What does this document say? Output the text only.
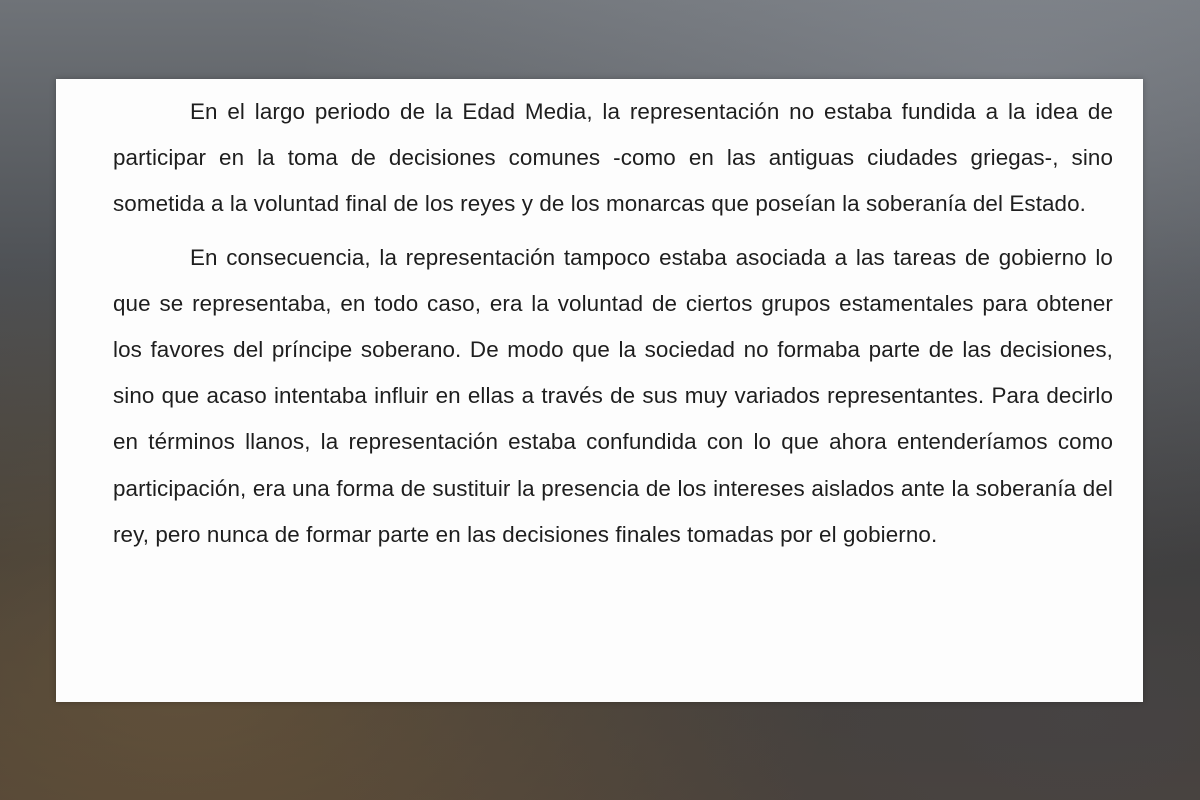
En el largo periodo de la Edad Media, la representación no estaba fundida a la idea de participar en la toma de decisiones comunes -como en las antiguas ciudades griegas-, sino sometida a la voluntad final de los reyes y de los monarcas que poseían la soberanía del Estado.

En consecuencia, la representación tampoco estaba asociada a las tareas de gobierno lo que se representaba, en todo caso, era la voluntad de ciertos grupos estamentales para obtener los favores del príncipe soberano. De modo que la sociedad no formaba parte de las decisiones, sino que acaso intentaba influir en ellas a través de sus muy variados representantes. Para decirlo en términos llanos, la representación estaba confundida con lo que ahora entenderíamos como participación, era una forma de sustituir la presencia de los intereses aislados ante la soberanía del rey, pero nunca de formar parte en las decisiones finales tomadas por el gobierno.
